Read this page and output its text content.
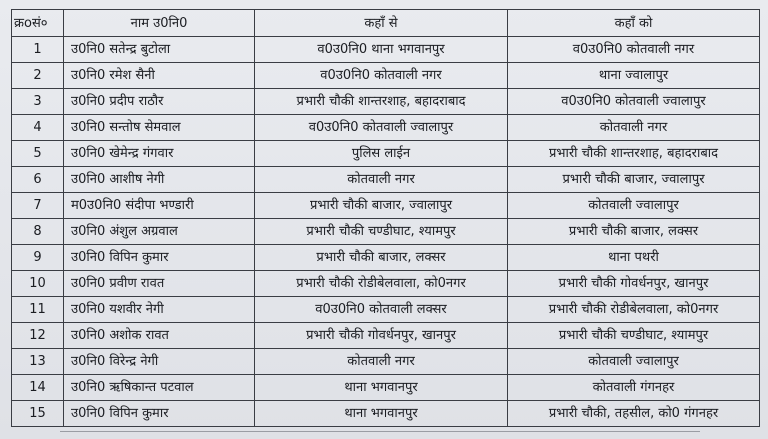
क्रoसं०	नाम उ0नि0	कहाँ से	कहाँ को
1	उ0नि0 सतेन्द्र बुटोला	व0उ0नि0 थाना भगवानपुर	व0उ0नि0 कोतवाली नगर
2	उ0नि0 रमेश सैनी	व0उ0नि0 कोतवाली नगर	थाना ज्वालापुर
3	उ0नि0 प्रदीप राठौर	प्रभारी चौकी शान्तरशाह, बहादराबाद	व0उ0नि0 कोतवाली ज्वालापुर
4	उ0नि0 सन्तोष सेमवाल	व0उ0नि0 कोतवाली ज्वालापुर	कोतवाली नगर
5	उ0नि0 खेमेन्द्र गंगवार	पुलिस लाईन	प्रभारी चौकी शान्तरशाह, बहादराबाद
6	उ0नि0 आशीष नेगी	कोतवाली नगर	प्रभारी चौकी बाजार, ज्वालापुर
7	म0उ0नि0 संदीपा भण्डारी	प्रभारी चौकी बाजार, ज्वालापुर	कोतवाली ज्वालापुर
8	उ0नि0 अंशुल अग्रवाल	प्रभारी चौकी चण्डीघाट, श्यामपुर	प्रभारी चौकी बाजार, लक्सर
9	उ0नि0 विपिन कुमार	प्रभारी चौकी बाजार, लक्सर	थाना पथरी
10	उ0नि0 प्रवीण रावत	प्रभारी चौकी रोडीबेलवाला, को0नगर	प्रभारी चौकी गोवर्धनपुर, खानपुर
11	उ0नि0 यशवीर नेगी	व0उ0नि0 कोतवाली लक्सर	प्रभारी चौकी रोडीबेलवाला, को0नगर
12	उ0नि0 अशोक रावत	प्रभारी चौकी गोवर्धनपुर, खानपुर	प्रभारी चौकी चण्डीघाट, श्यामपुर
13	उ0नि0 विरेन्द्र नेगी	कोतवाली नगर	कोतवाली ज्वालापुर
14	उ0नि0 ऋषिकान्त पटवाल	थाना भगवानपुर	कोतवाली गंगनहर
15	उ0नि0 विपिन कुमार	थाना भगवानपुर	प्रभारी चौकी, तहसील, को0 गंगनहर
